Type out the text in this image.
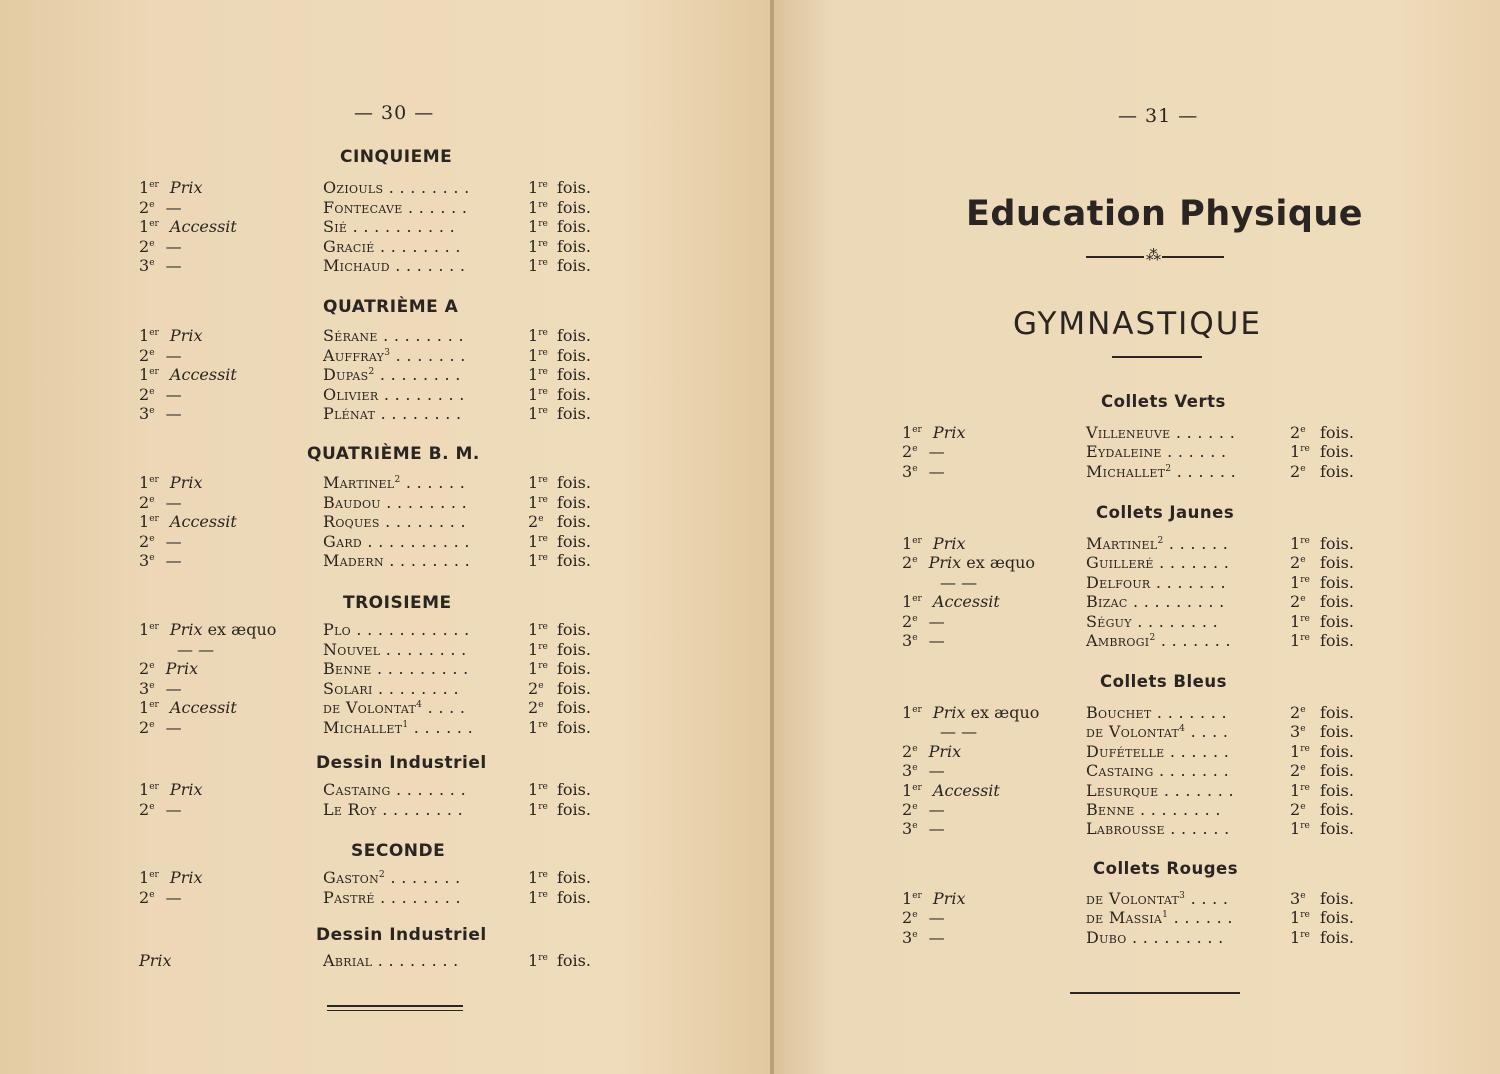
— 30 —	— 31 —
Education Physique
⁂
GYMNASTIQUE
CINQUIEME
1er Prix	Oziouls . . . . . . . .	1re fois.
2e —	Fontecave . . . . . .	1re fois.
1er Accessit	Sié . . . . . . . . . .	1re fois.
2e —	Gracié . . . . . . . .	1re fois.
3e —	Michaud . . . . . . .	1re fois.
QUATRIÈME A
1er Prix	Sérane . . . . . . . .	1re fois.
2e —	Auffray$^3$ . . . . . . .	1re fois.
1er Accessit	Dupas$^2$ . . . . . . . .	1re fois.
2e —	Olivier . . . . . . . .	1re fois.
3e —	Plénat . . . . . . . .	1re fois.
QUATRIÈME B. M.
1er Prix	Martinel$^2$ . . . . . .	1re fois.
2e —	Baudou . . . . . . . .	1re fois.
1er Accessit	Roques . . . . . . . .	2e fois.
2e —	Gard . . . . . . . . . .	1re fois.
3e —	Madern . . . . . . . .	1re fois.
TROISIEME
1er Prix ex æquo	Plo . . . . . . . . . . .	1re fois.
— —	Nouvel . . . . . . . .	1re fois.
2e Prix	Benne . . . . . . . . .	1re fois.
3e —	Solari . . . . . . . .	2e fois.
1er Accessit	de Volontat$^4$ . . . .	2e fois.
2e —	Michallet$^1$ . . . . . .	1re fois.
Dessin Industriel
1er Prix	Castaing . . . . . . .	1re fois.
2e —	Le Roy . . . . . . . .	1re fois.
SECONDE
1er Prix	Gaston$^2$ . . . . . . .	1re fois.
2e —	Pastré . . . . . . . .	1re fois.
Dessin Industriel
Prix	Abrial . . . . . . . .	1re fois.
Collets Verts
1er Prix	Villeneuve . . . . . .	2e fois.
2e —	Eydaleine . . . . . .	1re fois.
3e —	Michallet$^2$ . . . . . .	2e fois.
Collets Jaunes
1er Prix	Martinel$^2$ . . . . . .	1re fois.
2e Prix ex æquo	Guilleré . . . . . . .	2e fois.
— —	Delfour . . . . . . .	1re fois.
1er Accessit	Bizac . . . . . . . . .	2e fois.
2e —	Séguy . . . . . . . .	1re fois.
3e —	Ambrogi$^2$ . . . . . . .	1re fois.
Collets Bleus
1er Prix ex æquo	Bouchet . . . . . . .	2e fois.
— —	de Volontat$^4$ . . . .	3e fois.
2e Prix	Dufételle . . . . . .	1re fois.
3e —	Castaing . . . . . . .	2e fois.
1er Accessit	Lesurque . . . . . . .	1re fois.
2e —	Benne . . . . . . . .	2e fois.
3e —	Labrousse . . . . . .	1re fois.
Collets Rouges
1er Prix	de Volontat$^3$ . . . .	3e fois.
2e —	de Massia$^1$ . . . . . .	1re fois.
3e —	Dubo . . . . . . . . .	1re fois.
